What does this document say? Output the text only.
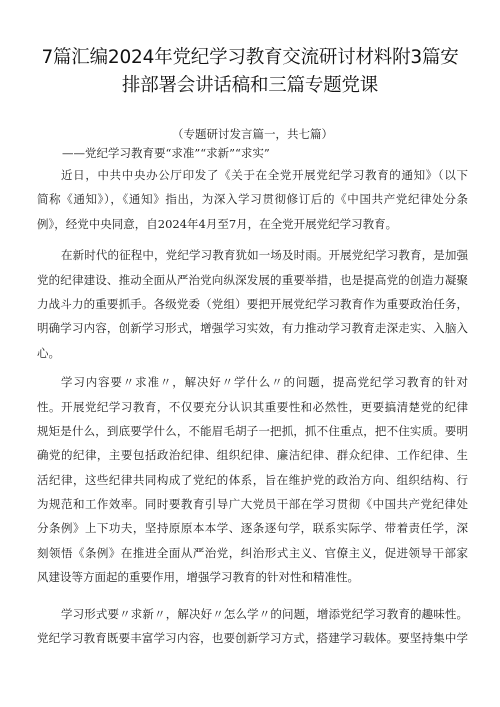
7篇汇编2024年党纪学习教育交流研讨材料附3篇安
排部署会讲话稿和三篇专题党课

（专题研讨发言篇一，共七篇）

——党纪学习教育要“求准”“求新”“求实”

近日，中共中央办公厅印发了《关于在全党开展党纪学习教育的通知》（以下
简称《通知》），《通知》指出，为深入学习贯彻修订后的《中国共产党纪律处分条
例》，经党中央同意，自2024年4月至7月，在全党开展党纪学习教育。
在新时代的征程中，党纪学习教育犹如一场及时雨。开展党纪学习教育，是加强
党的纪律建设、推动全面从严治党向纵深发展的重要举措，也是提高党的创造力凝聚
力战斗力的重要抓手。各级党委（党组）要把开展党纪学习教育作为重要政治任务，
明确学习内容，创新学习形式，增强学习实效，有力推动学习教育走深走实、入脑入
心。
学习内容要〃求准〃，解决好〃学什么〃的问题，提高党纪学习教育的针对
性。开展党纪学习教育，不仅要充分认识其重要性和必然性，更要搞清楚党的纪律
规矩是什么，到底要学什么，不能眉毛胡子一把抓，抓不住重点，把不住实质。要明
确党的纪律，主要包括政治纪律、组织纪律、廉洁纪律、群众纪律、工作纪律、生
活纪律，这些纪律共同构成了党纪的体系，旨在维护党的政治方向、组织结构、行
为规范和工作效率。同时要教育引导广大党员干部在学习贯彻《中国共产党纪律处
分条例》上下功夫，坚持原原本本学、逐条逐句学，联系实际学、带着责任学，深
刻领悟《条例》在推进全面从严治党，纠治形式主义、官僚主义，促进领导干部家
风建设等方面起的重要作用，增强学习教育的针对性和精准性。
学习形式要〃求新〃，解决好〃怎么学〃的问题，增添党纪学习教育的趣味性。
党纪学习教育既要丰富学习内容，也要创新学习方式，搭建学习载体。要坚持集中学
